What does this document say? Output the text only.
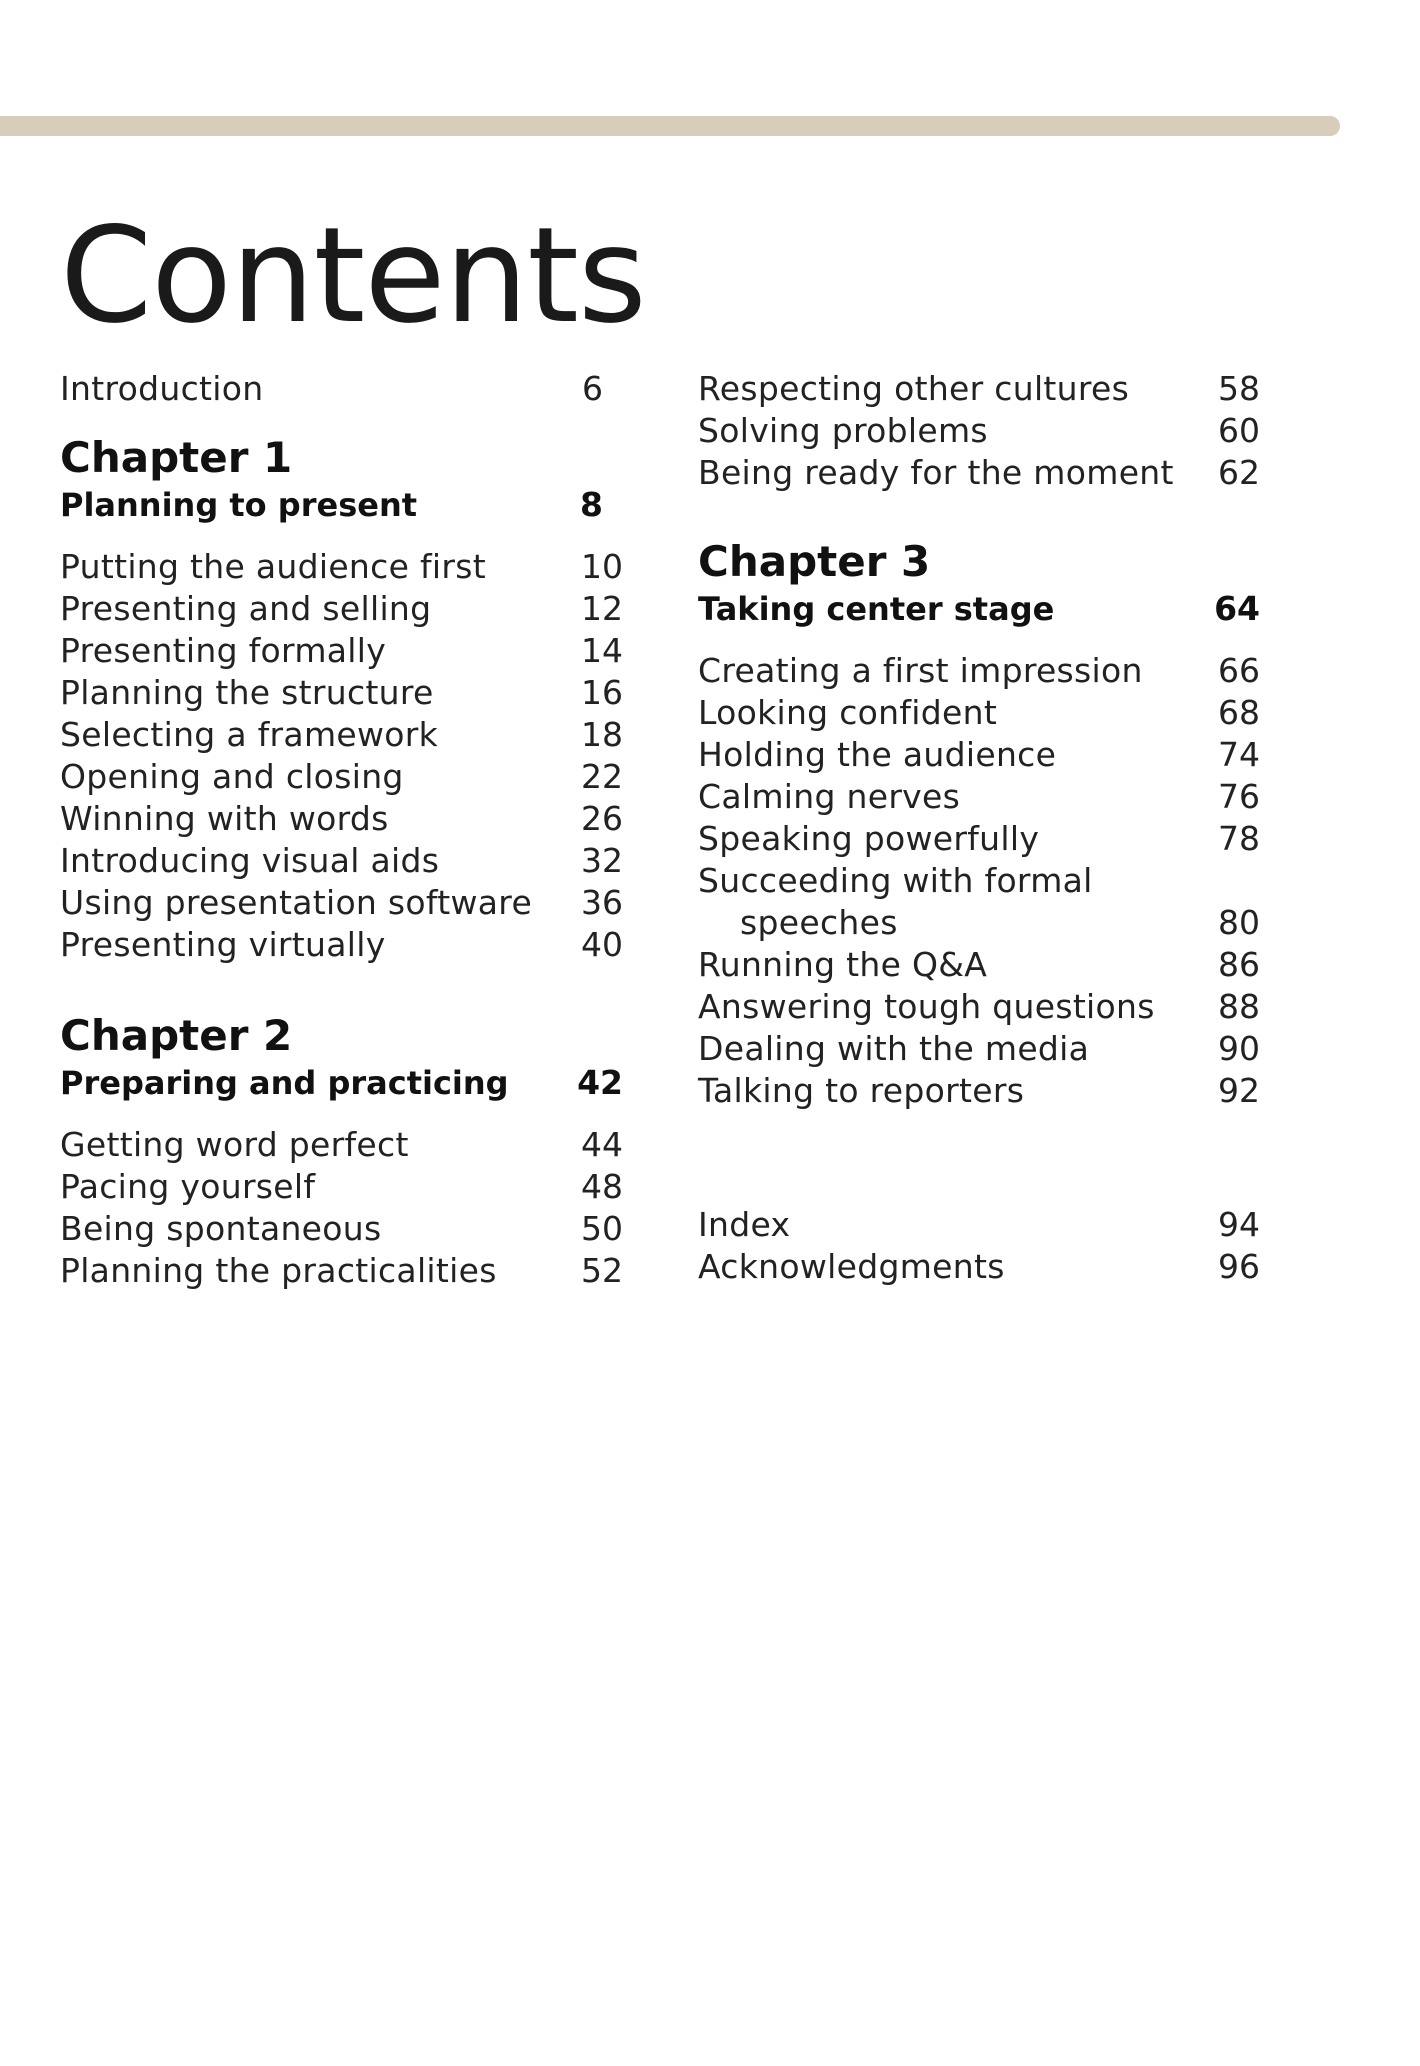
Contents
Introduction	6
Chapter 1
Planning to present	8
Putting the audience first	10
Presenting and selling	12
Presenting formally	14
Planning the structure	16
Selecting a framework	18
Opening and closing	22
Winning with words	26
Introducing visual aids	32
Using presentation software	36
Presenting virtually	40
Chapter 2
Preparing and practicing	42
Getting word perfect	44
Pacing yourself	48
Being spontaneous	50
Planning the practicalities	52
Respecting other cultures	58
Solving problems	60
Being ready for the moment	62
Chapter 3
Taking center stage	64
Creating a first impression	66
Looking confident	68
Holding the audience	74
Calming nerves	76
Speaking powerfully	78
Succeeding with formal
speeches	80
Running the Q&A	86
Answering tough questions	88
Dealing with the media	90
Talking to reporters	92
Index	94
Acknowledgments	96
